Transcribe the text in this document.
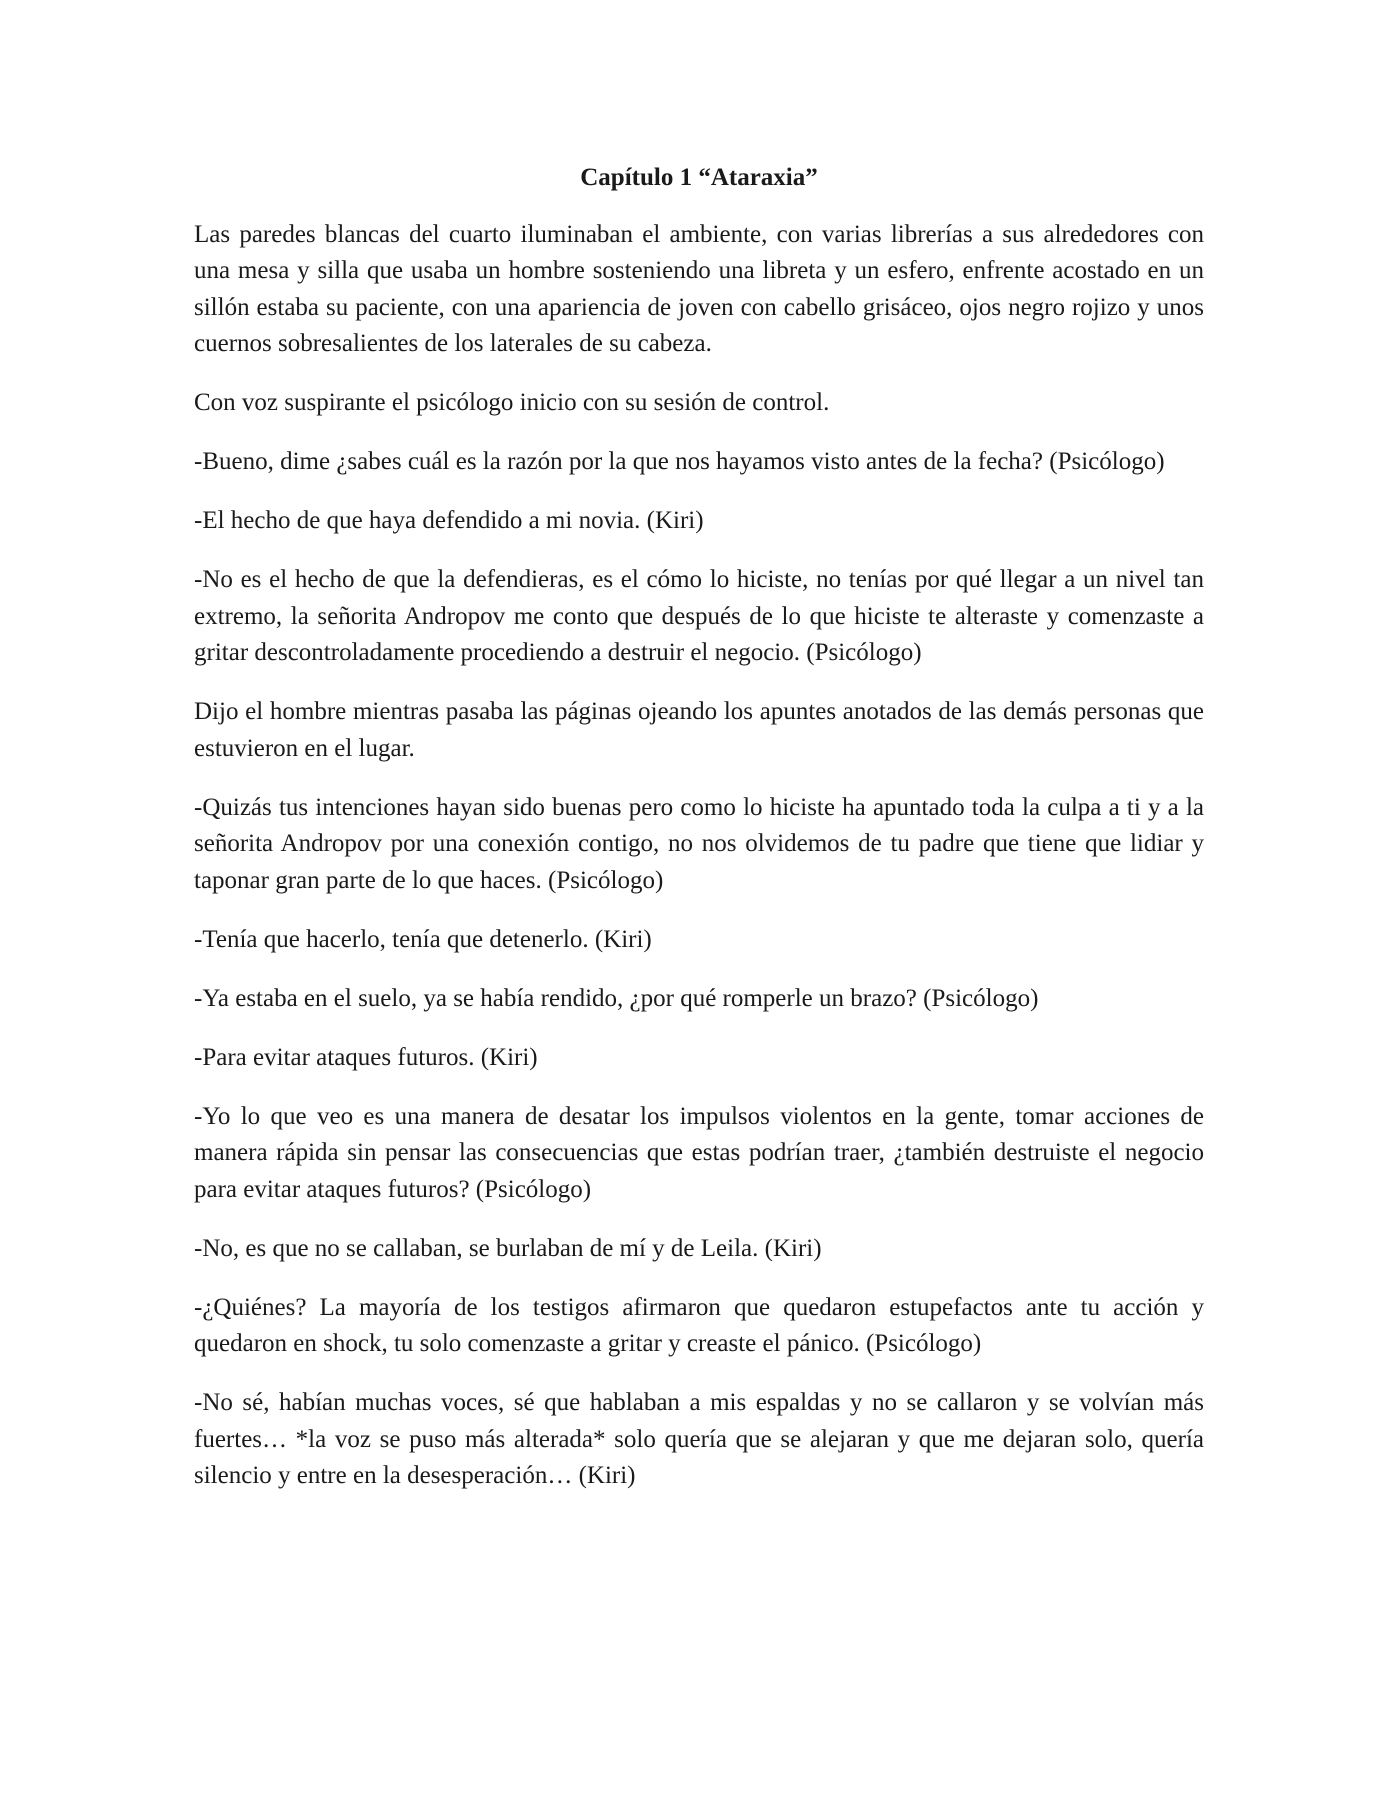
Capítulo 1 “Ataraxia”

Las paredes blancas del cuarto iluminaban el ambiente, con varias librerías a sus alrededores con una mesa y silla que usaba un hombre sosteniendo una libreta y un esfero, enfrente acostado en un sillón estaba su paciente, con una apariencia de joven con cabello grisáceo, ojos negro rojizo y unos cuernos sobresalientes de los laterales de su cabeza.

Con voz suspirante el psicólogo inicio con su sesión de control.

-Bueno, dime ¿sabes cuál es la razón por la que nos hayamos visto antes de la fecha? (Psicólogo)

-El hecho de que haya defendido a mi novia. (Kiri)

-No es el hecho de que la defendieras, es el cómo lo hiciste, no tenías por qué llegar a un nivel tan extremo, la señorita Andropov me conto que después de lo que hiciste te alteraste y comenzaste a gritar descontroladamente procediendo a destruir el negocio. (Psicólogo)

Dijo el hombre mientras pasaba las páginas ojeando los apuntes anotados de las demás personas que estuvieron en el lugar.

-Quizás tus intenciones hayan sido buenas pero como lo hiciste ha apuntado toda la culpa a ti y a la señorita Andropov por una conexión contigo, no nos olvidemos de tu padre que tiene que lidiar y taponar gran parte de lo que haces. (Psicólogo)

-Tenía que hacerlo, tenía que detenerlo. (Kiri)

-Ya estaba en el suelo, ya se había rendido, ¿por qué romperle un brazo? (Psicólogo)

-Para evitar ataques futuros. (Kiri)

-Yo lo que veo es una manera de desatar los impulsos violentos en la gente, tomar acciones de manera rápida sin pensar las consecuencias que estas podrían traer, ¿también destruiste el negocio para evitar ataques futuros? (Psicólogo)

-No, es que no se callaban, se burlaban de mí y de Leila. (Kiri)

-¿Quiénes? La mayoría de los testigos afirmaron que quedaron estupefactos ante tu acción y quedaron en shock, tu solo comenzaste a gritar y creaste el pánico. (Psicólogo)

-No sé, habían muchas voces, sé que hablaban a mis espaldas y no se callaron y se volvían más fuertes… *la voz se puso más alterada* solo quería que se alejaran y que me dejaran solo, quería silencio y entre en la desesperación… (Kiri)
